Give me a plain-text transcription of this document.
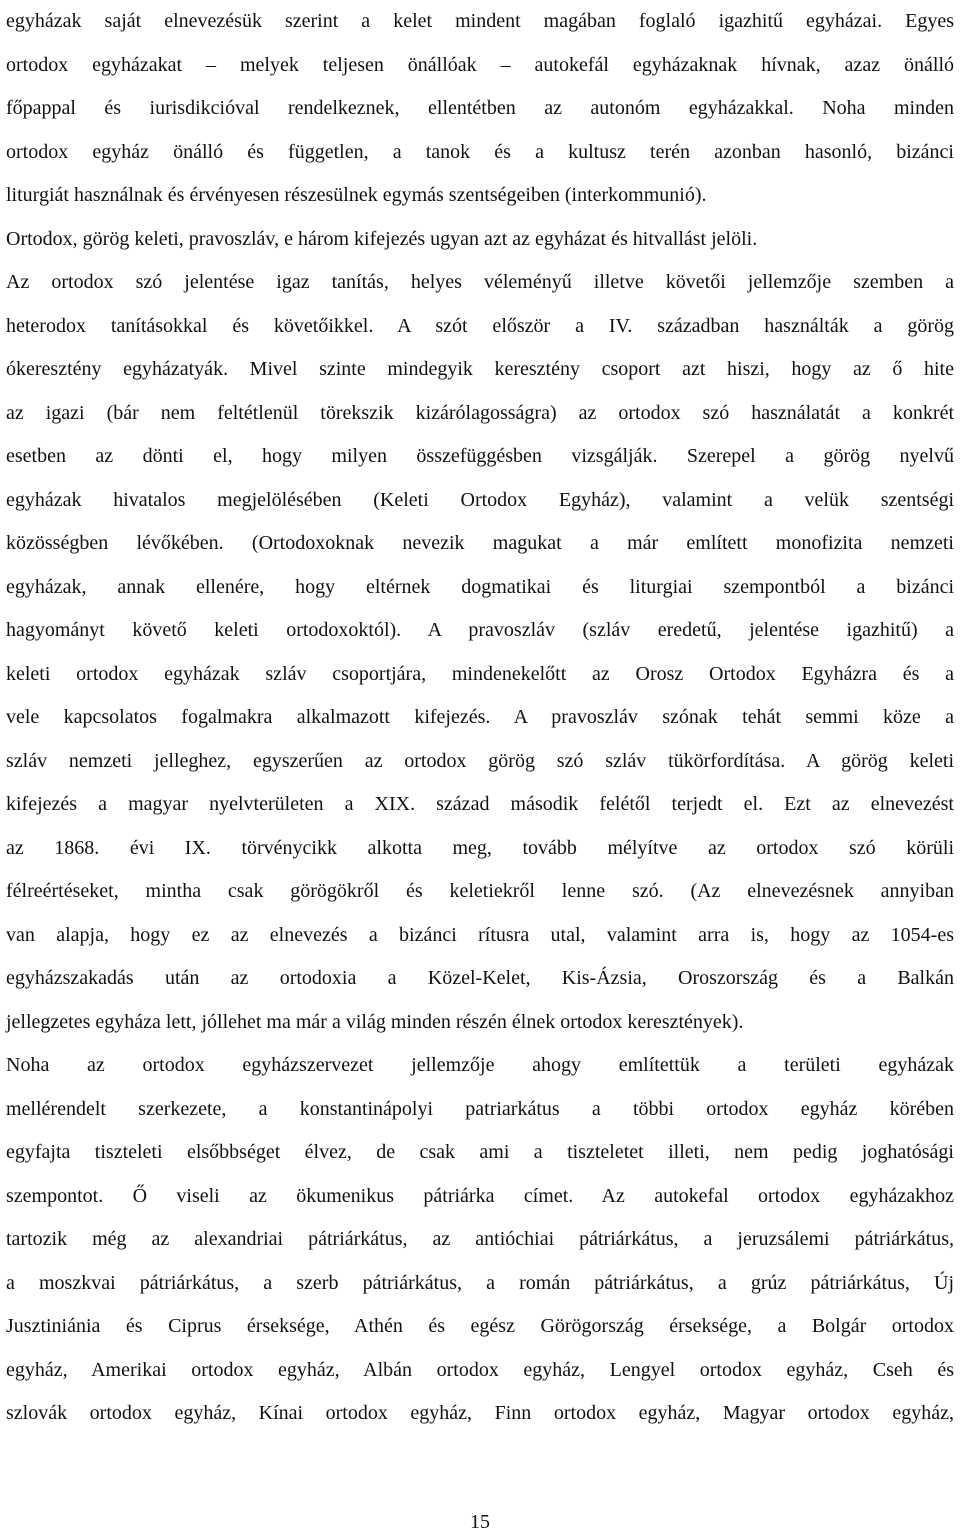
egyházak saját elnevezésük szerint a kelet mindent magában foglaló igazhitű egyházai. Egyes
ortodox egyházakat – melyek teljesen önállóak – autokefál egyházaknak hívnak, azaz önálló
főpappal és iurisdikcióval rendelkeznek, ellentétben az autonóm egyházakkal. Noha minden
ortodox egyház önálló és független, a tanok és a kultusz terén azonban hasonló, bizánci
liturgiát használnak és érvényesen részesülnek egymás szentségeiben (interkommunió).
Ortodox, görög keleti, pravoszláv, e három kifejezés ugyan azt az egyházat és hitvallást jelöli.
Az ortodox szó jelentése igaz tanítás, helyes véleményű illetve követői jellemzője szemben a
heterodox tanításokkal és követőikkel. A szót először a IV. században használták a görög
ókeresztény egyházatyák. Mivel szinte mindegyik keresztény csoport azt hiszi, hogy az ő hite
az igazi (bár nem feltétlenül törekszik kizárólagosságra) az ortodox szó használatát a konkrét
esetben az dönti el, hogy milyen összefüggésben vizsgálják. Szerepel a görög nyelvű
egyházak hivatalos megjelölésében (Keleti Ortodox Egyház), valamint a velük szentségi
közösségben lévőkében. (Ortodoxoknak nevezik magukat a már említett monofizita nemzeti
egyházak, annak ellenére, hogy eltérnek dogmatikai és liturgiai szempontból a bizánci
hagyományt követő keleti ortodoxoktól). A pravoszláv (szláv eredetű, jelentése igazhitű) a
keleti ortodox egyházak szláv csoportjára, mindenekelőtt az Orosz Ortodox Egyházra és a
vele kapcsolatos fogalmakra alkalmazott kifejezés. A pravoszláv szónak tehát semmi köze a
szláv nemzeti jelleghez, egyszerűen az ortodox görög szó szláv tükörfordítása. A görög keleti
kifejezés a magyar nyelvterületen a XIX. század második felétől terjedt el. Ezt az elnevezést
az 1868. évi IX. törvénycikk alkotta meg, tovább mélyítve az ortodox szó körüli
félreértéseket, mintha csak görögökről és keletiekről lenne szó. (Az elnevezésnek annyiban
van alapja, hogy ez az elnevezés a bizánci rítusra utal, valamint arra is, hogy az 1054-es
egyházszakadás után az ortodoxia a Közel-Kelet, Kis-Ázsia, Oroszország és a Balkán
jellegzetes egyháza lett, jóllehet ma már a világ minden részén élnek ortodox keresztények).
Noha az ortodox egyházszervezet jellemzője ahogy említettük a területi egyházak
mellérendelt szerkezete, a konstantinápolyi patriarkátus a többi ortodox egyház körében
egyfajta tiszteleti elsőbbséget élvez, de csak ami a tiszteletet illeti, nem pedig joghatósági
szempontot. Ő viseli az ökumenikus pátriárka címet. Az autokefal ortodox egyházakhoz
tartozik még az alexandriai pátriárkátus, az antióchiai pátriárkátus, a jeruzsálemi pátriárkátus,
a moszkvai pátriárkátus, a szerb pátriárkátus, a román pátriárkátus, a grúz pátriárkátus, Új
Jusztiniánia és Ciprus érseksége, Athén és egész Görögország érseksége, a Bolgár ortodox
egyház, Amerikai ortodox egyház, Albán ortodox egyház, Lengyel ortodox egyház, Cseh és
szlovák ortodox egyház, Kínai ortodox egyház, Finn ortodox egyház, Magyar ortodox egyház,
15
